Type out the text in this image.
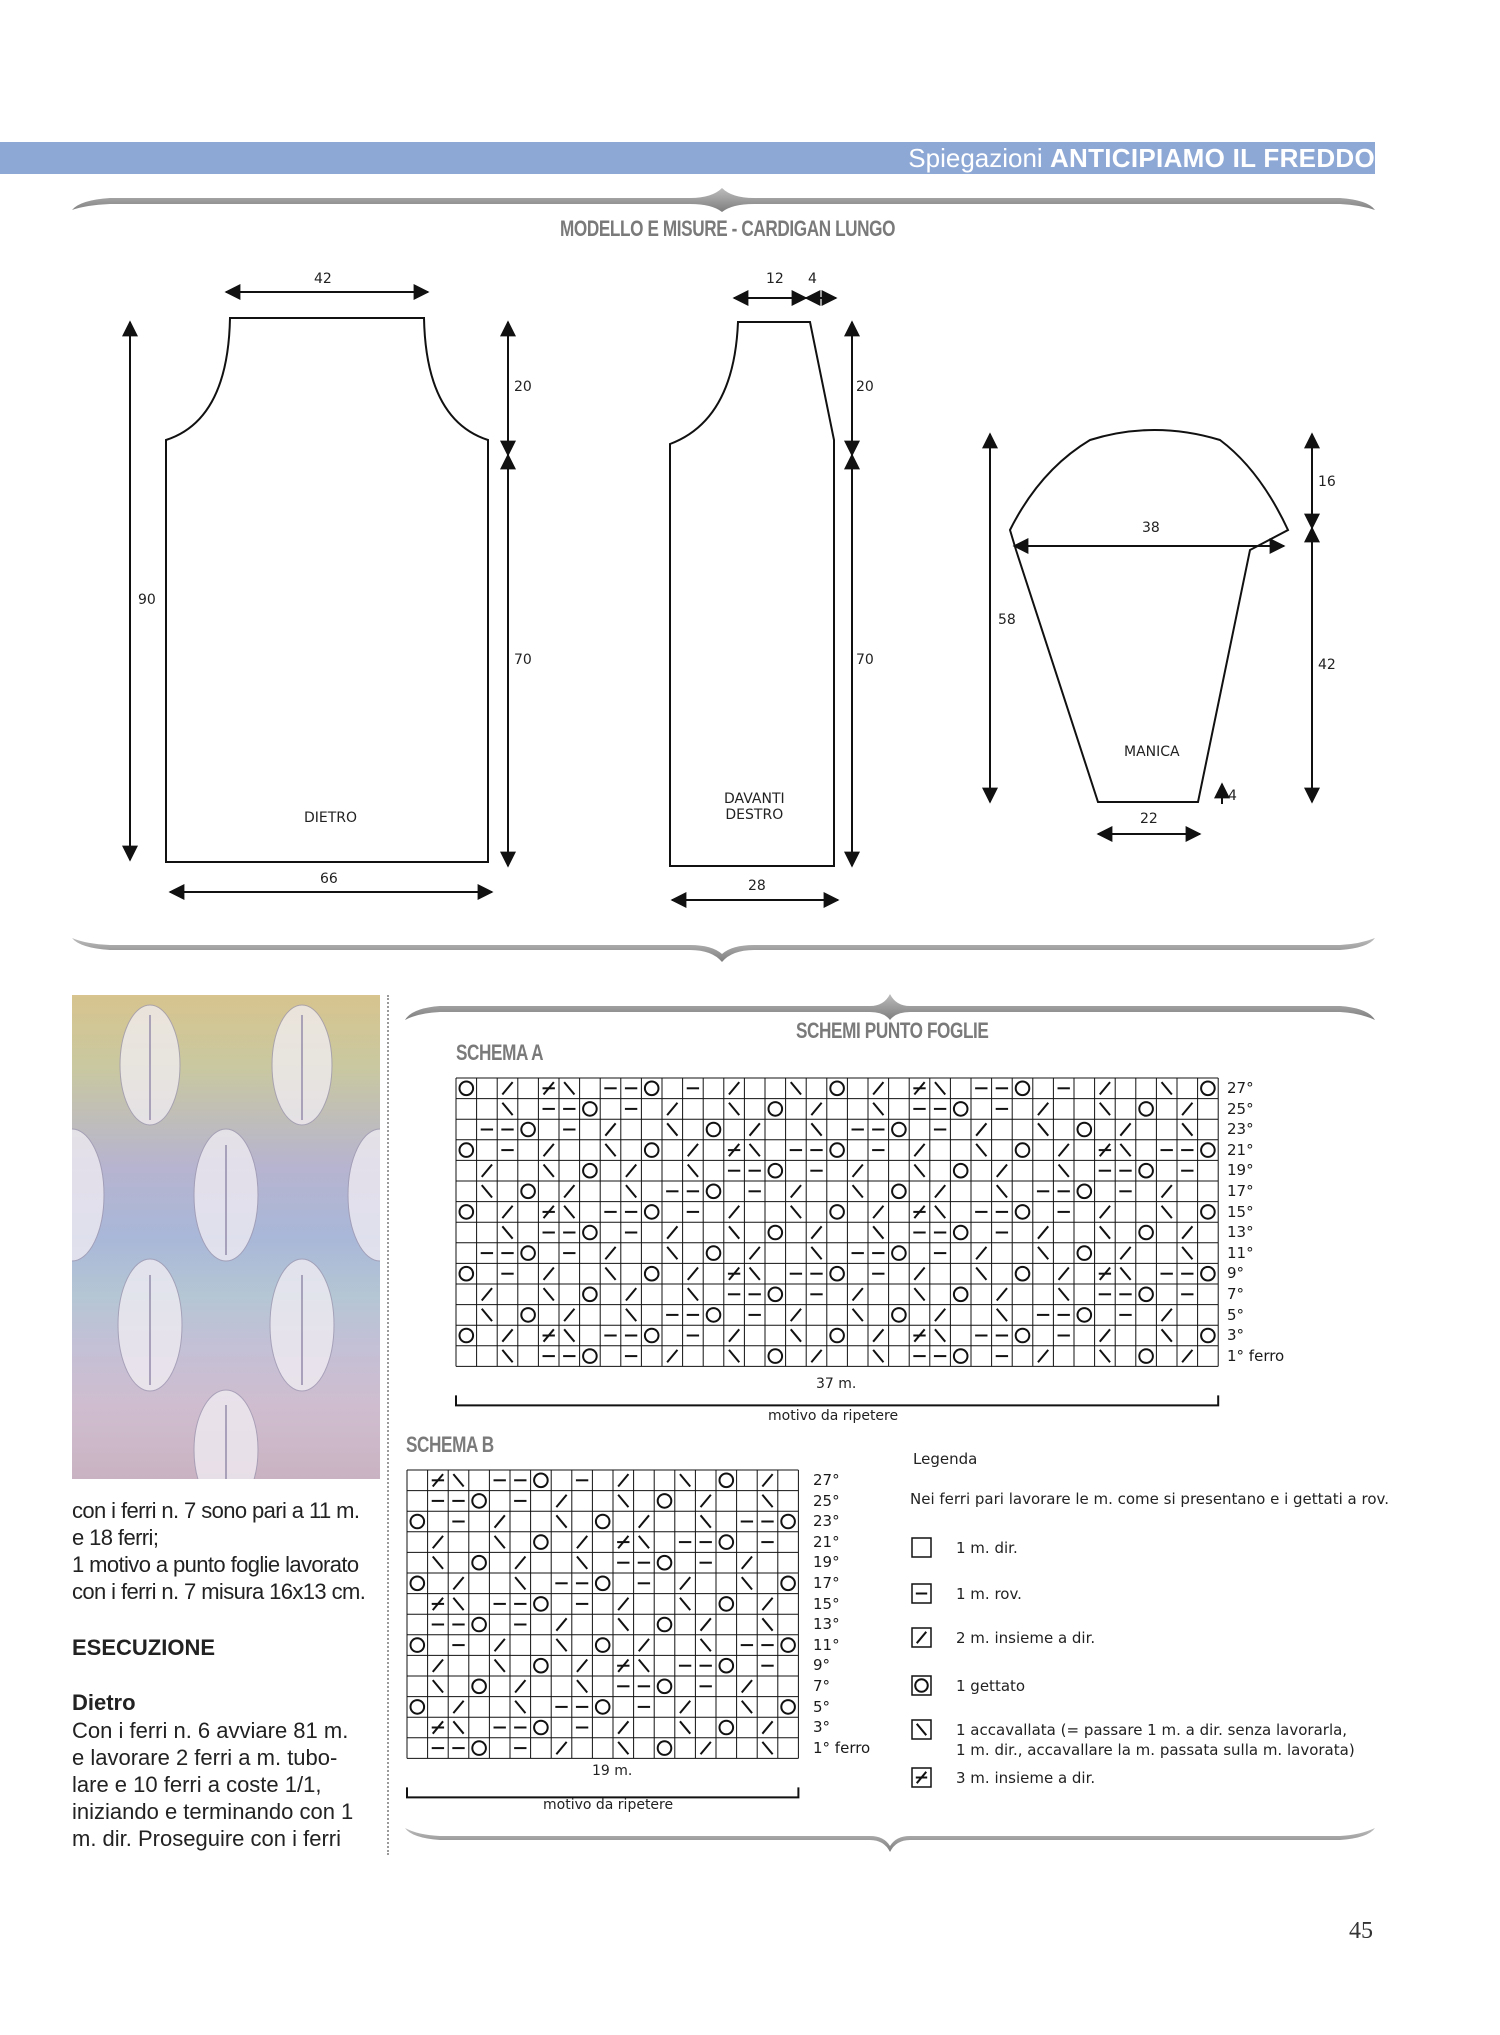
Spiegazioni ANTICIPIAMO IL FREDDO
MODELLO E MISURE - CARDIGAN LUNGO
42
20
90
70
DIETRO
66
12 4
20
70
DAVANTI
DESTRO
28
16
38
58
42
MANICA
4
22
con i ferri n. 7 sono pari a 11 m.
e 18 ferri;
1 motivo a punto foglie lavorato
con i ferri n. 7 misura 16x13 cm.
ESECUZIONE
Dietro
Con i ferri n. 6 avviare 81 m.
e lavorare 2 ferri a m. tubo-
lare e 10 ferri a coste 1/1,
iniziando e terminando con 1
m. dir. Proseguire con i ferri
SCHEMI PUNTO FOGLIE
SCHEMA A
SCHEMA B
27°
25°
23°
21°
19°
17°
15°
13°
11°
9°
7°
5°
3°
1° ferro
37 m.
motivo da ripetere
27°
25°
23°
21°
19°
17°
15°
13°
11°
9°
7°
5°
3°
1° ferro
19 m.
motivo da ripetere
Legenda
Nei ferri pari lavorare le m. come si presentano e i gettati a rov.
1 m. dir.
1 m. rov.
2 m. insieme a dir.
1 gettato
1 accavallata (= passare 1 m. a dir. senza lavorarla,
1 m. dir., accavallare la m. passata sulla m. lavorata)
3 m. insieme a dir.
45
